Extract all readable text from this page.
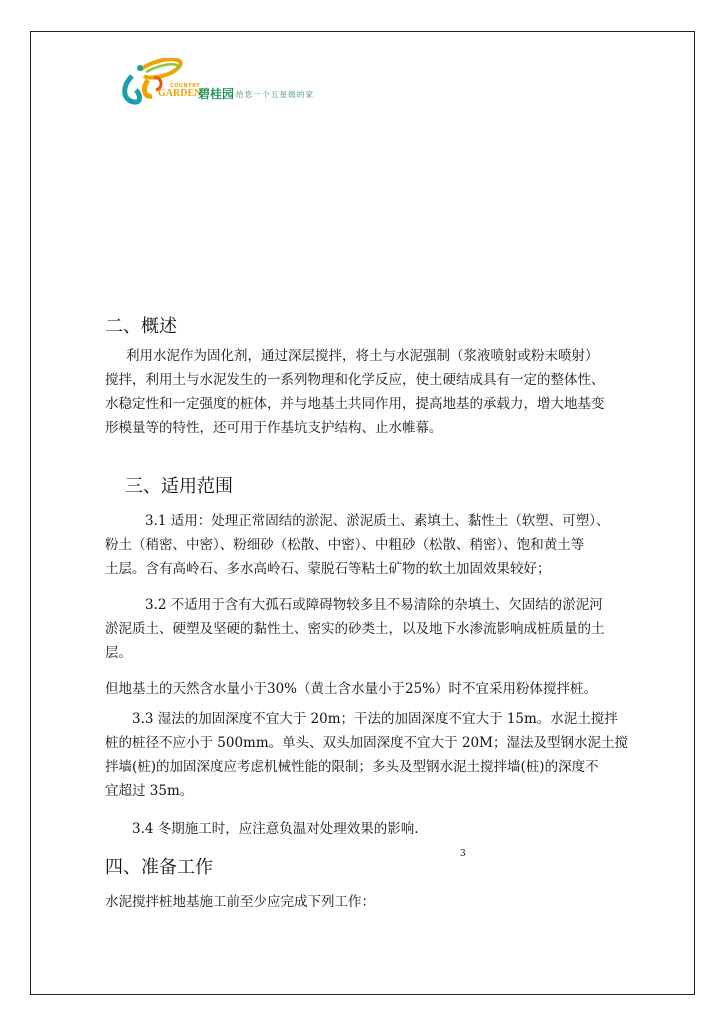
COUNTRY
GARDEN
碧桂园 给您一个五星级的家
二、概述
利用水泥作为固化剂，通过深层搅拌，将土与水泥强制（浆液喷射或粉末喷射）
搅拌，利用土与水泥发生的一系列物理和化学反应，使土硬结成具有一定的整体性、
水稳定性和一定强度的桩体，并与地基土共同作用，提高地基的承载力，增大地基变
形模量等的特性，还可用于作基坑支护结构、止水帷幕。
三、适用范围
3.1 适用：处理正常固结的淤泥、淤泥质土、素填土、黏性土（软塑、可塑）、
粉土（稍密、中密）、粉细砂（松散、中密）、中粗砂（松散、稍密）、饱和黄土等
土层。含有高岭石、多水高岭石、蒙脱石等粘土矿物的软土加固效果较好；
3.2 不适用于含有大孤石或障碍物较多且不易清除的杂填土、欠固结的淤泥河
淤泥质土、硬塑及坚硬的黏性土、密实的砂类土，以及地下水渗流影响成桩质量的土
层。
但地基土的天然含水量小于30%（黄土含水量小于25%）时不宜采用粉体搅拌桩。
3.3 湿法的加固深度不宜大于 20m；干法的加固深度不宜大于 15m。水泥土搅拌
桩的桩径不应小于 500mm。单头、双头加固深度不宜大于 20M；湿法及型钢水泥土搅
拌墙(桩)的加固深度应考虑机械性能的限制；多头及型钢水泥土搅拌墙(桩)的深度不
宜超过 35m。
3.4 冬期施工时，应注意负温对处理效果的影响.
3
四、准备工作
水泥搅拌桩地基施工前至少应完成下列工作：
